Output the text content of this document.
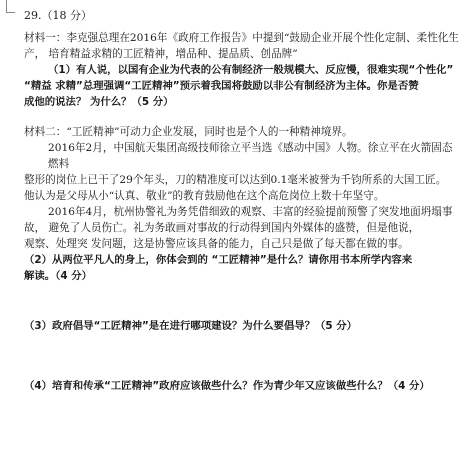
29.（18 分）
材料一：李克强总理在2016年《政府工作报告》中提到“鼓励企业开展个性化定制、柔性化生
产， 培育精益求精的工匠精神，增品种、提品质、创品牌”
（1）有人说，以国有企业为代表的公有制经济一般规模大、反应慢，很难实现“个性化”
“精益 求精”总理强调“工匠精神”预示着我国将鼓励以非公有制经济为主体。你是否赞
成他的说法？ 为什么？（5 分）
材料二：“工匠精神”可动力企业发展，同时也是个人的一种精神境界。
2016年2月，中国航天集团高级技师徐立平当选《感动中国》人物。徐立平在火箭固态
燃料
整形的岗位上已干了29个年头，刀的精准度可以达到0.1毫米被誉为千钧所系的大国工匠。
他认为是父母从小“认真、敬业”的教育鼓励他在这个高危岗位上数十年坚守。
2016年4月，杭州协警礼为务凭借细致的观察、丰富的经验提前预警了突发地面坍塌事
故， 避免了人员伤亡。礼为务敢画对事故的行动得到国内外媒体的盛赞，但是他说，
观察、处理突 发问题，这是协警应该具备的能力，自己只是做了每天都在做的事。
（2）从两位平凡人的身上，你体会到的 “工匠精神”是什么？请你用书本所学内容来
解读。（4 分）
（3）政府倡导“工匠精神”是在进行哪项建设？为什么要倡导？（5 分）
（4）培育和传承“工匠精神”政府应该做些什么？作为青少年又应该做些什么？（4 分）
